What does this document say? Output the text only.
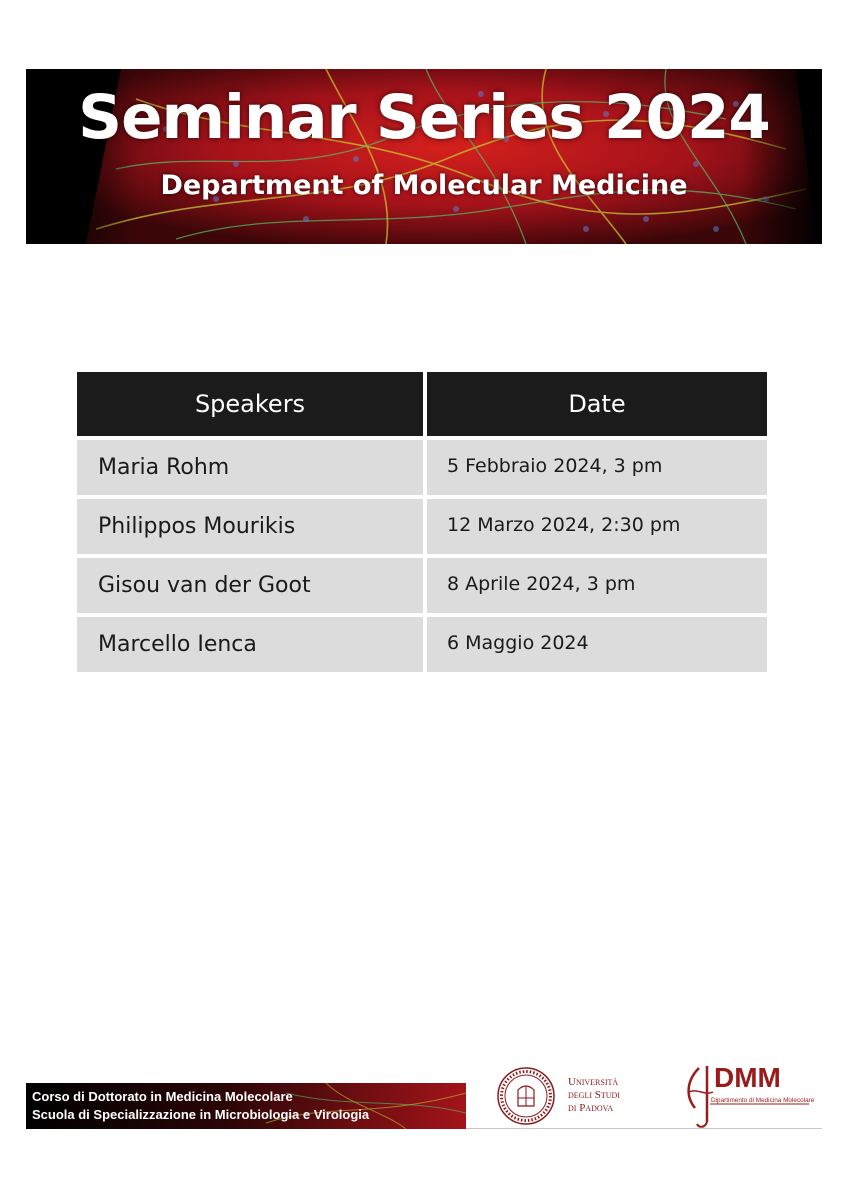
Seminar Series 2024
Department of Molecular Medicine
Speakers	Date
Maria Rohm	5 Febbraio 2024, 3 pm
Philippos Mourikis	12 Marzo 2024, 2:30 pm
Gisou van der Goot	8 Aprile 2024, 3 pm
Marcello Ienca	6 Maggio 2024
Corso di Dottorato in Medicina Molecolare
Scuola di Specializzazione in Microbiologia e Virologia
Università
degli Studi
di Padova
DMM
Dipartimento di Medicina Molecolare
